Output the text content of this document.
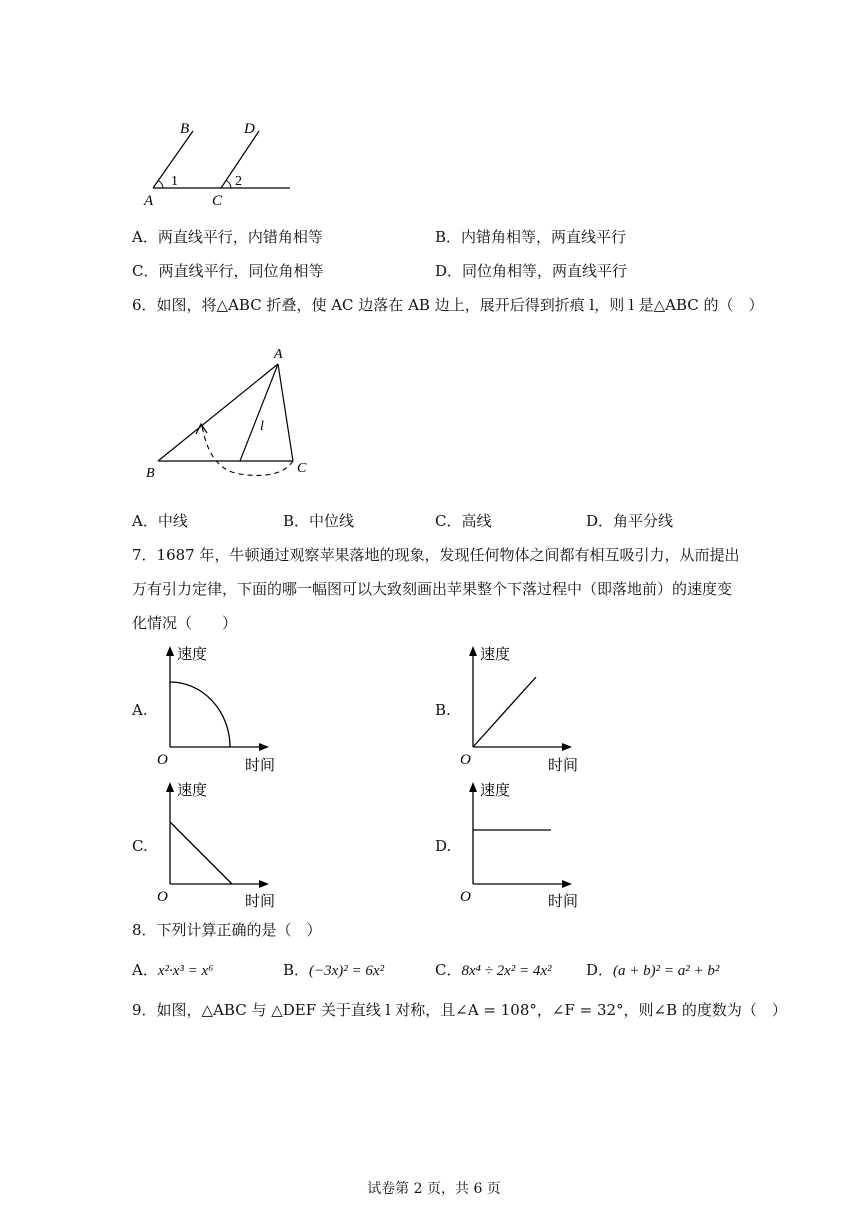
B	D
A	C
1	2
A．两直线平行，内错角相等	B．内错角相等，两直线平行
C．两直线平行，同位角相等	D．同位角相等，两直线平行
6．如图，将△ABC 折叠，使 AC 边落在 AB 边上，展开后得到折痕 l，则 l 是△ABC 的（　）
A
B	C
l
A．中线	B．中位线	C．高线	D．角平分线
7．1687 年，牛顿通过观察苹果落地的现象，发现任何物体之间都有相互吸引力，从而提出
万有引力定律，下面的哪一幅图可以大致刻画出苹果整个下落过程中（即落地前）的速度变
化情况（　　）
A.
速度
时间
O
B.
速度
时间
O
C.
速度
时间
O
D.
速度
时间
O
8．下列计算正确的是（　）
A．x²·x³ = x⁶	B．(−3x)² = 6x²	C．8x⁴ ÷ 2x² = 4x² D．(a + b)² = a² + b²
9．如图，△ABC 与 △DEF 关于直线 l 对称，且∠A = 108°，∠F = 32°，则∠B 的度数为（　）
试卷第 2 页，共 6 页
